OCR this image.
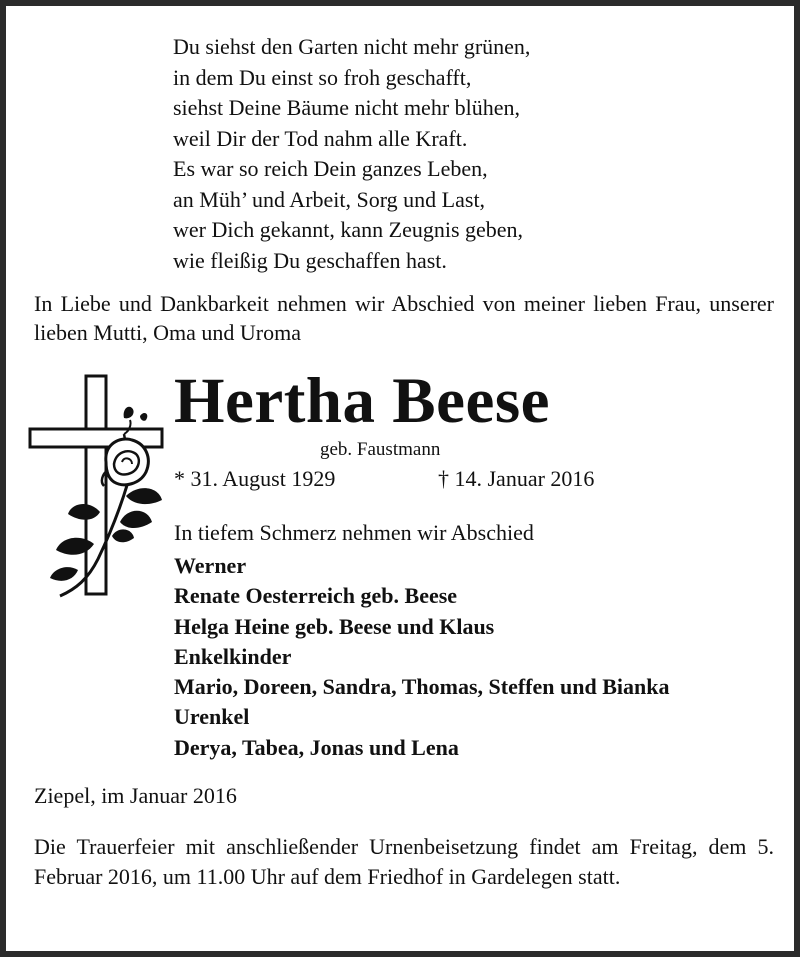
Du siehst den Garten nicht mehr grünen,
in dem Du einst so froh geschafft,
siehst Deine Bäume nicht mehr blühen,
weil Dir der Tod nahm alle Kraft.
Es war so reich Dein ganzes Leben,
an Müh’ und Arbeit, Sorg und Last,
wer Dich gekannt, kann Zeugnis geben,
wie fleißig Du geschaffen hast.
In Liebe und Dankbarkeit nehmen wir Abschied von meiner lieben Frau, unserer lieben Mutti, Oma und Uroma
Hertha Beese
geb. Faustmann
* 31. August 1929	† 14. Januar 2016
In tiefem Schmerz nehmen wir Abschied
Werner
Renate Oesterreich geb. Beese
Helga Heine geb. Beese und Klaus
Enkelkinder
Mario, Doreen, Sandra, Thomas, Steffen und Bianka
Urenkel
Derya, Tabea, Jonas und Lena
Ziepel, im Januar 2016
Die Trauerfeier mit anschließender Urnenbeisetzung findet am Freitag, dem 5. Februar 2016, um 11.00 Uhr auf dem Friedhof in Gardelegen statt.
